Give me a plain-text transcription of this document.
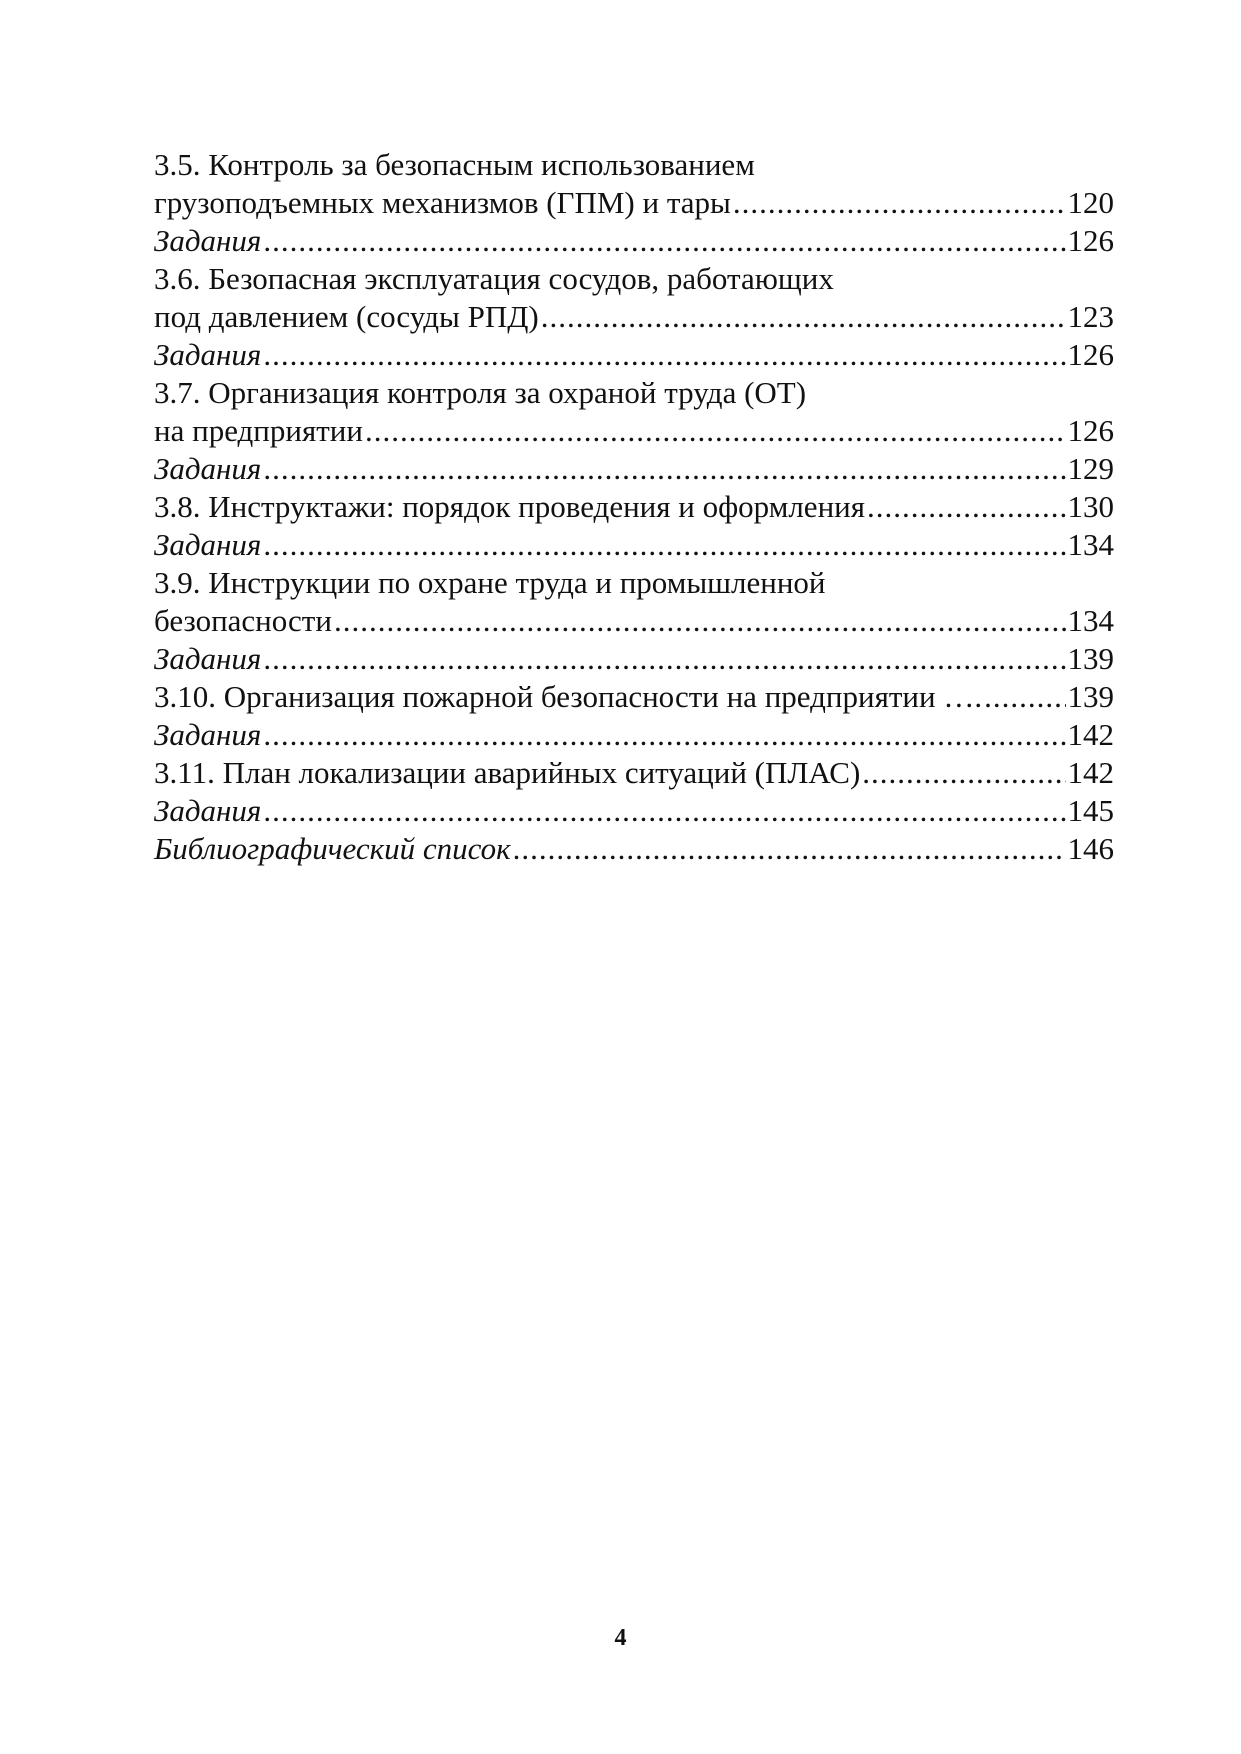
3.5. Контроль за безопасным использованием
грузоподъемных механизмов (ГПМ) и тары .....	120
Задания .....	126
3.6. Безопасная эксплуатация сосудов, работающих
под давлением (сосуды РПД) .....	123
Задания .....	126
3.7. Организация контроля за охраной труда (ОТ)
на предприятии .....	126
Задания .....	129
3.8. Инструктажи: порядок проведения и оформления .....	130
Задания .....	134
3.9. Инструкции по охране труда и промышленной
безопасности .....	134
Задания .....	139
3.10. Организация пожарной безопасности на предприятии …. .....	139
Задания .....	142
3.11. План локализации аварийных ситуаций (ПЛАС) .....	142
Задания .....	145
Библиографический список .....	146
4
